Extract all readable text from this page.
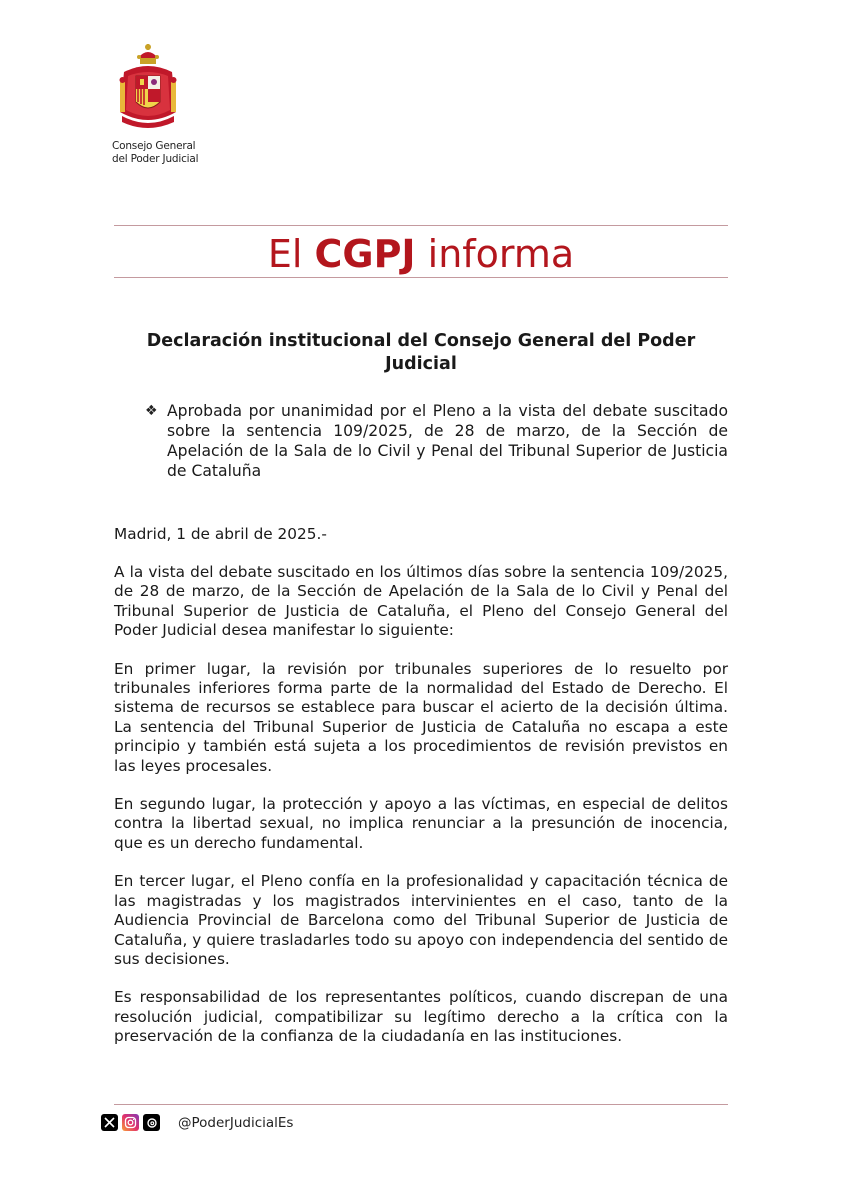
Consejo General
del Poder Judicial
El CGPJ informa
Declaración institucional del Consejo General del Poder Judicial
❖ Aprobada por unanimidad por el Pleno a la vista del debate suscitado sobre la sentencia 109/2025, de 28 de marzo, de la Sección de Apelación de la Sala de lo Civil y Penal del Tribunal Superior de Justicia de Cataluña
Madrid, 1 de abril de 2025.-

A la vista del debate suscitado en los últimos días sobre la sentencia 109/2025, de 28 de marzo, de la Sección de Apelación de la Sala de lo Civil y Penal del Tribunal Superior de Justicia de Cataluña, el Pleno del Consejo General del Poder Judicial desea manifestar lo siguiente:

En primer lugar, la revisión por tribunales superiores de lo resuelto por tribunales inferiores forma parte de la normalidad del Estado de Derecho. El sistema de recursos se establece para buscar el acierto de la decisión última. La sentencia del Tribunal Superior de Justicia de Cataluña no escapa a este principio y también está sujeta a los procedimientos de revisión previstos en las leyes procesales.

En segundo lugar, la protección y apoyo a las víctimas, en especial de delitos contra la libertad sexual, no implica renunciar a la presunción de inocencia, que es un derecho fundamental.

En tercer lugar, el Pleno confía en la profesionalidad y capacitación técnica de las magistradas y los magistrados intervinientes en el caso, tanto de la Audiencia Provincial de Barcelona como del Tribunal Superior de Justicia de Cataluña, y quiere trasladarles todo su apoyo con independencia del sentido de sus decisiones.

Es responsabilidad de los representantes políticos, cuando discrepan de una resolución judicial, compatibilizar su legítimo derecho a la crítica con la preservación de la confianza de la ciudadanía en las instituciones.

@PoderJudicialEs
